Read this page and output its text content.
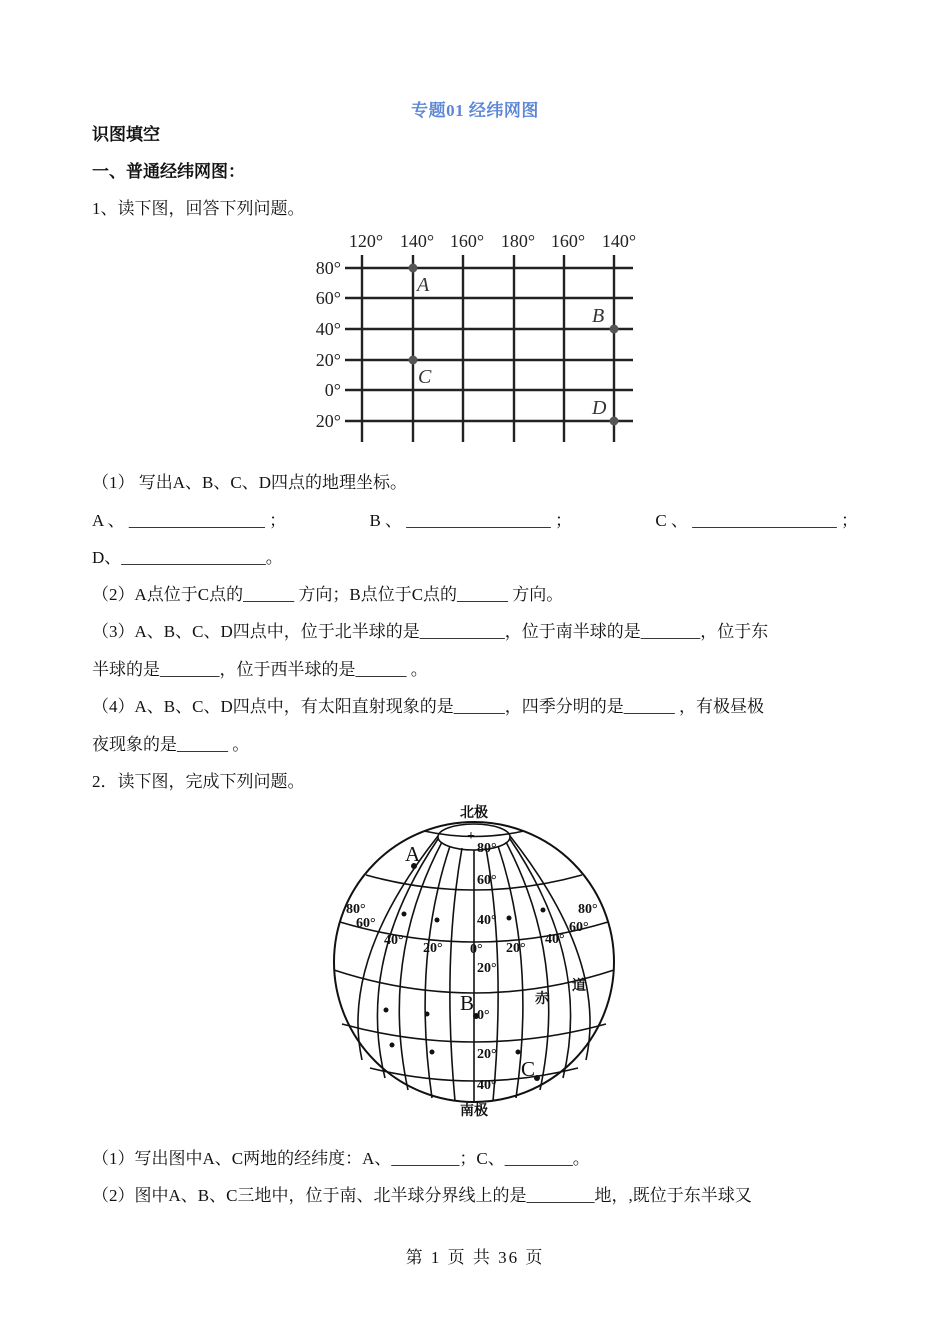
专题01 经纬网图
识图填空
一、普通经纬网图：
1、读下图，回答下列问题。
120° 140° 160° 180° 160° 140°
80°
60°
40°
20°
0°
20°
A
B
C
D
（1） 写出A、B、C、D四点的地理坐标。
A 、 ________________ ；	B 、 _________________ ；	C 、 _________________ ；
D、_________________。
（2）A点位于C点的______ 方向；B点位于C点的______ 方向。
（3）A、B、C、D四点中，位于北半球的是__________，位于南半球的是_______，位于东
半球的是_______，位于西半球的是______ 。
（4）A、B、C、D四点中，有太阳直射现象的是______，四季分明的是______ ，有极昼极
夜现象的是______ 。
2．读下图，完成下列问题。
北极
南极
+
80°
60°
40°
80°
60°
40°
20° 0° 20°
40°
60°
80°
20°
0°
20°
40°
赤
道
A
B
C
（1）写出图中A、C两地的经纬度：A、________；C、________。
（2）图中A、B、C三地中，位于南、北半球分界线上的是________地，,既位于东半球又
第 1 页 共 36 页
